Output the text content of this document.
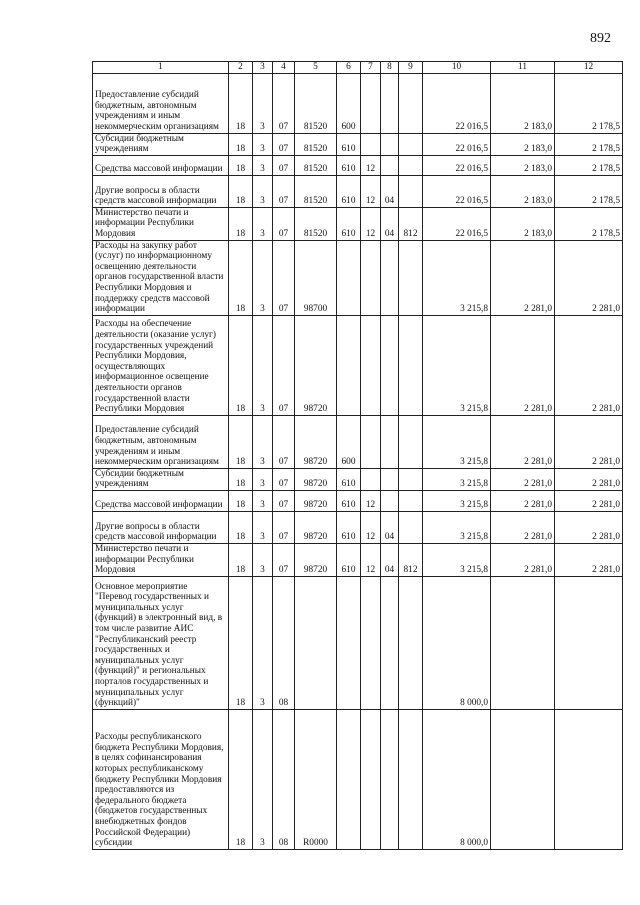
892
1	2	3	4	5	6	7	8	9	10	11	12
Предоставление субсидий бюджетным, автономным учреждениям и иным некоммерческим организациям	18	3	07	81520	600				22 016,5	2 183,0	2 178,5
Субсидии бюджетным учреждениям	18	3	07	81520	610				22 016,5	2 183,0	2 178,5
Средства массовой информации	18	3	07	81520	610	12			22 016,5	2 183,0	2 178,5
Другие вопросы в области средств массовой информации	18	3	07	81520	610	12	04		22 016,5	2 183,0	2 178,5
Министерство печати и информации Республики Мордовия	18	3	07	81520	610	12	04	812	22 016,5	2 183,0	2 178,5
Расходы на закупку работ (услуг) по информационному освещению деятельности органов государственной власти Республики Мордовия и поддержку средств массовой информации	18	3	07	98700					3 215,8	2 281,0	2 281,0
Расходы на обеспечение деятельности (оказание услуг) государственных учреждений Республики Мордовия, осуществляющих информационное освещение деятельности органов государственной власти Республики Мордовия	18	3	07	98720					3 215,8	2 281,0	2 281,0
Предоставление субсидий бюджетным, автономным учреждениям и иным некоммерческим организациям	18	3	07	98720	600				3 215,8	2 281,0	2 281,0
Субсидии бюджетным учреждениям	18	3	07	98720	610				3 215,8	2 281,0	2 281,0
Средства массовой информации	18	3	07	98720	610	12			3 215,8	2 281,0	2 281,0
Другие вопросы в области средств массовой информации	18	3	07	98720	610	12	04		3 215,8	2 281,0	2 281,0
Министерство печати и информации Республики Мордовия	18	3	07	98720	610	12	04	812	3 215,8	2 281,0	2 281,0
Основное мероприятие "Перевод государственных и муниципальных услуг (функций) в электронный вид, в том числе развитие АИС "Республиканский реестр государственных и муниципальных услуг (функций)" и региональных порталов государственных и муниципальных услуг (функций)"	18	3	08						8 000,0		
Расходы республиканского бюджета Республики Мордовия, в целях софинансирования которых республиканскому бюджету Республики Мордовия предоставляются из федерального бюджета (бюджетов государственных внебюджетных фондов Российской Федерации) субсидии	18	3	08	R0000					8 000,0		
